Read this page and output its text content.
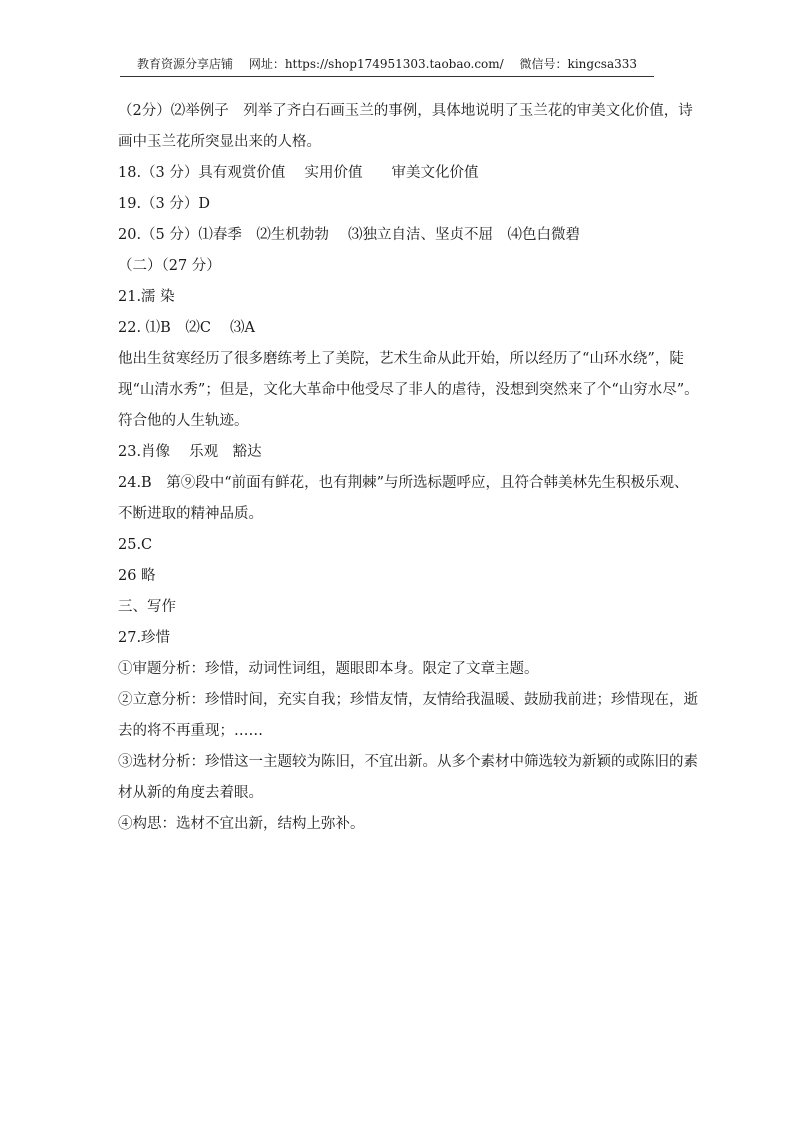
教育资源分享店铺 网址：https://shop174951303.taobao.com/ 微信号：kingcsa333
（2分）⑵举例子　列举了齐白石画玉兰的事例，具体地说明了玉兰花的审美文化价值，诗
画中玉兰花所突显出来的人格。
18.（3 分）具有观赏价值　 实用价值　　审美文化价值
19.（3 分）D
20.（5 分）⑴春季　⑵生机勃勃　 ⑶独立自洁、坚贞不屈　⑷色白微碧
（二）（27 分）
21.濡 染
22. ⑴B　⑵C　 ⑶A
他出生贫寒经历了很多磨练考上了美院，艺术生命从此开始，所以经历了“山环水绕”，陡
现“山清水秀”；但是，文化大革命中他受尽了非人的虐待，没想到突然来了个“山穷水尽”。
符合他的人生轨迹。
23.肖像　 乐观　豁达
24.B　第⑨段中“前面有鲜花，也有荆棘”与所选标题呼应，且符合韩美林先生积极乐观、
不断进取的精神品质。
25.C
26 略
三、写作
27.珍惜
①审题分析：珍惜，动词性词组，题眼即本身。限定了文章主题。
②立意分析：珍惜时间，充实自我；珍惜友情，友情给我温暖、鼓励我前进；珍惜现在，逝
去的将不再重现；……
③选材分析：珍惜这一主题较为陈旧，不宜出新。从多个素材中筛选较为新颖的或陈旧的素
材从新的角度去着眼。
④构思：选材不宜出新，结构上弥补。
